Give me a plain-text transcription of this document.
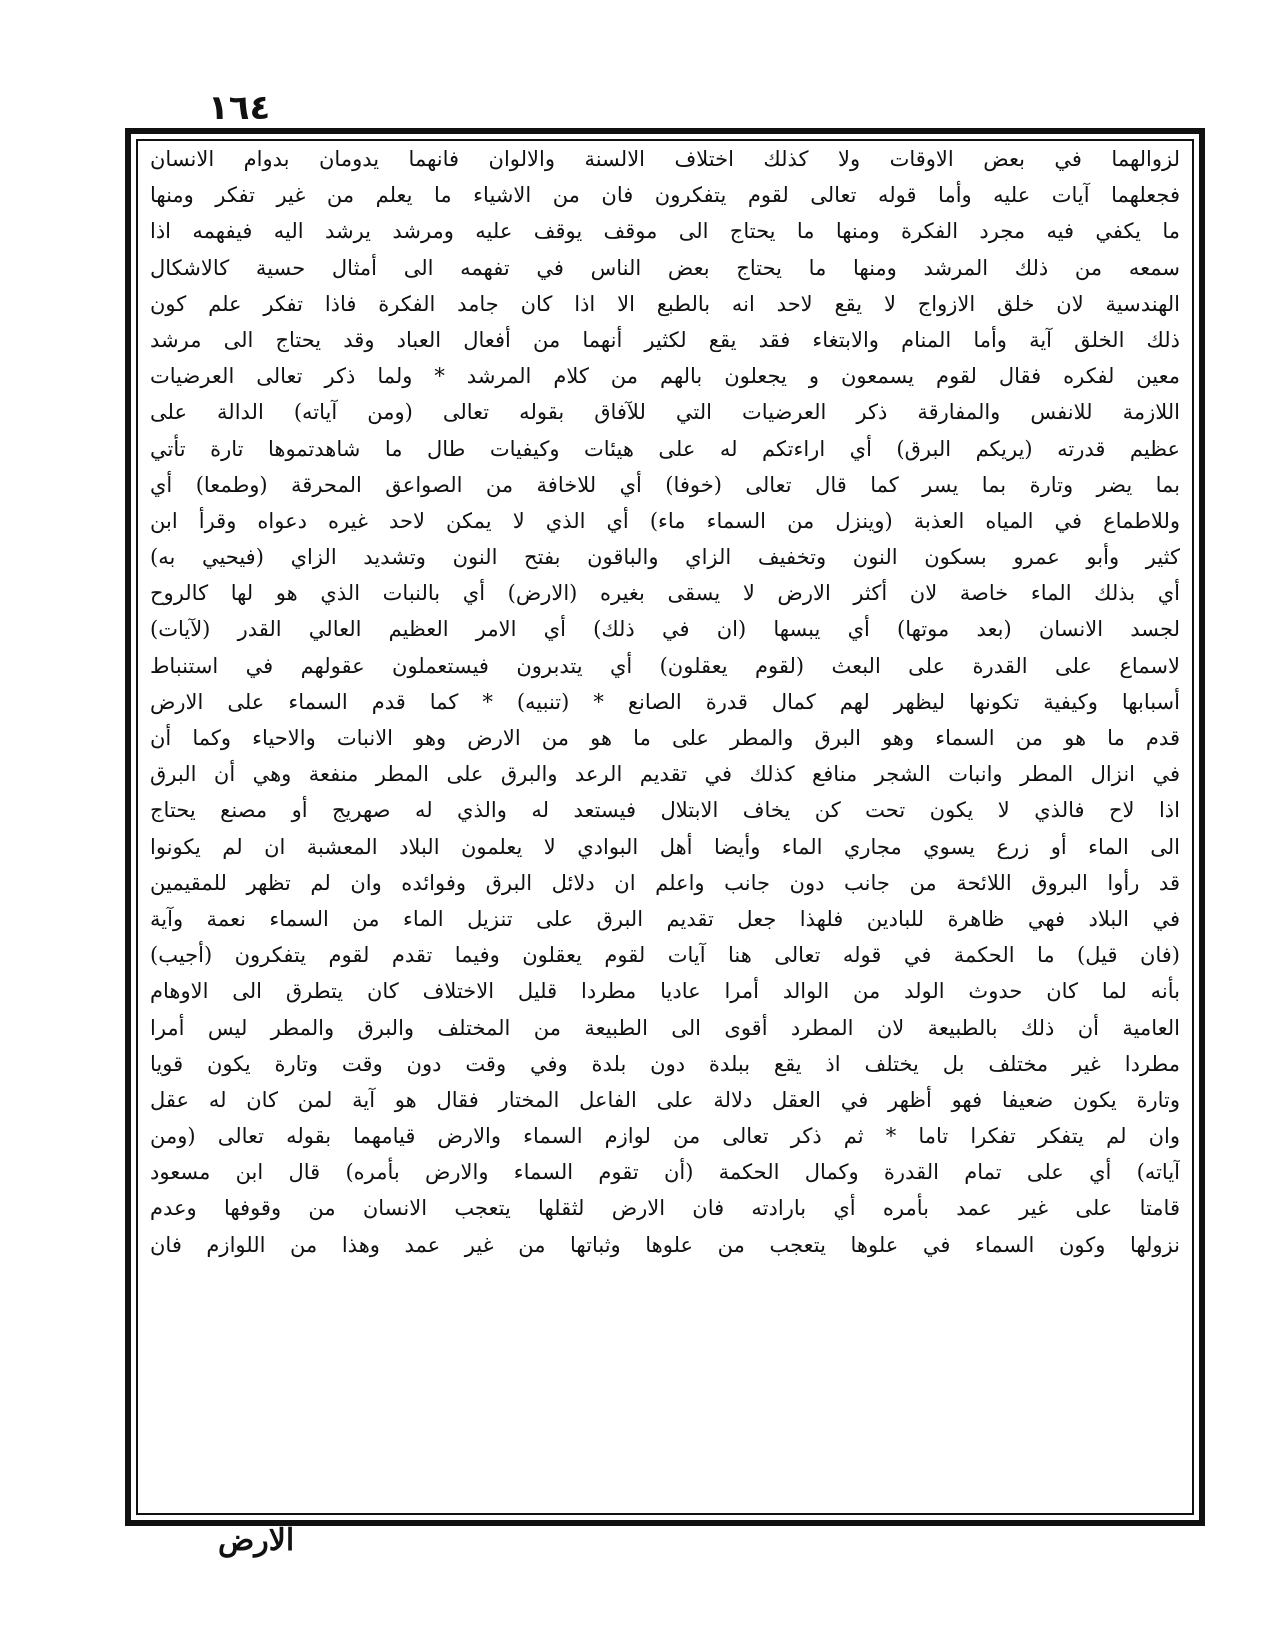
١٦٤
لزوالهما في بعض الاوقات ولا كذلك اختلاف الالسنة والالوان فانهما يدومان بدوام الانسان
فجعلهما آيات عليه وأما قوله تعالى لقوم يتفكرون فان من الاشياء ما يعلم من غير تفكر ومنها
ما يكفي فيه مجرد الفكرة ومنها ما يحتاج الى موقف يوقف عليه ومرشد يرشد اليه فيفهمه اذا
سمعه من ذلك المرشد ومنها ما يحتاج بعض الناس في تفهمه الى أمثال حسية كالاشكال
الهندسية لان خلق الازواج لا يقع لاحد انه بالطبع الا اذا كان جامد الفكرة فاذا تفكر علم كون
ذلك الخلق آية وأما المنام والابتغاء فقد يقع لكثير أنهما من أفعال العباد وقد يحتاج الى مرشد
معين لفكره فقال لقوم يسمعون و يجعلون بالهم من كلام المرشد * ولما ذكر تعالى العرضيات
اللازمة للانفس والمفارقة ذكر العرضيات التي للآفاق بقوله تعالى (ومن آياته) الدالة على
عظيم قدرته (يريكم البرق) أي اراءتكم له على هيئات وكيفيات طال ما شاهدتموها تارة تأتي
بما يضر وتارة بما يسر كما قال تعالى (خوفا) أي للاخافة من الصواعق المحرقة (وطمعا) أي
وللاطماع في المياه العذبة (وينزل من السماء ماء) أي الذي لا يمكن لاحد غيره دعواه وقرأ ابن
كثير وأبو عمرو بسكون النون وتخفيف الزاي والباقون بفتح النون وتشديد الزاي (فيحيي به)
أي بذلك الماء خاصة لان أكثر الارض لا يسقى بغيره (الارض) أي بالنبات الذي هو لها كالروح
لجسد الانسان (بعد موتها) أي يبسها (ان في ذلك) أي الامر العظيم العالي القدر (لآيات)
لاسماع على القدرة على البعث (لقوم يعقلون) أي يتدبرون فيستعملون عقولهم في استنباط
أسبابها وكيفية تكونها ليظهر لهم كمال قدرة الصانع * (تنبيه) * كما قدم السماء على الارض
قدم ما هو من السماء وهو البرق والمطر على ما هو من الارض وهو الانبات والاحياء وكما أن
في انزال المطر وانبات الشجر منافع كذلك في تقديم الرعد والبرق على المطر منفعة وهي أن البرق
اذا لاح فالذي لا يكون تحت كن يخاف الابتلال فيستعد له والذي له صهريج أو مصنع يحتاج
الى الماء أو زرع يسوي مجاري الماء وأيضا أهل البوادي لا يعلمون البلاد المعشبة ان لم يكونوا
قد رأوا البروق اللائحة من جانب دون جانب واعلم ان دلائل البرق وفوائده وان لم تظهر للمقيمين
في البلاد فهي ظاهرة للبادين فلهذا جعل تقديم البرق على تنزيل الماء من السماء نعمة وآية
(فان قيل) ما الحكمة في قوله تعالى هنا آيات لقوم يعقلون وفيما تقدم لقوم يتفكرون (أجيب)
بأنه لما كان حدوث الولد من الوالد أمرا عاديا مطردا قليل الاختلاف كان يتطرق الى الاوهام
العامية أن ذلك بالطبيعة لان المطرد أقوى الى الطبيعة من المختلف والبرق والمطر ليس أمرا
مطردا غير مختلف بل يختلف اذ يقع ببلدة دون بلدة وفي وقت دون وقت وتارة يكون قويا
وتارة يكون ضعيفا فهو أظهر في العقل دلالة على الفاعل المختار فقال هو آية لمن كان له عقل
وان لم يتفكر تفكرا تاما * ثم ذكر تعالى من لوازم السماء والارض قيامهما بقوله تعالى (ومن
آياته) أي على تمام القدرة وكمال الحكمة (أن تقوم السماء والارض بأمره) قال ابن مسعود
قامتا على غير عمد بأمره أي بارادته فان الارض لثقلها يتعجب الانسان من وقوفها وعدم
نزولها وكون السماء في علوها يتعجب من علوها وثباتها من غير عمد وهذا من اللوازم فان
الارض
